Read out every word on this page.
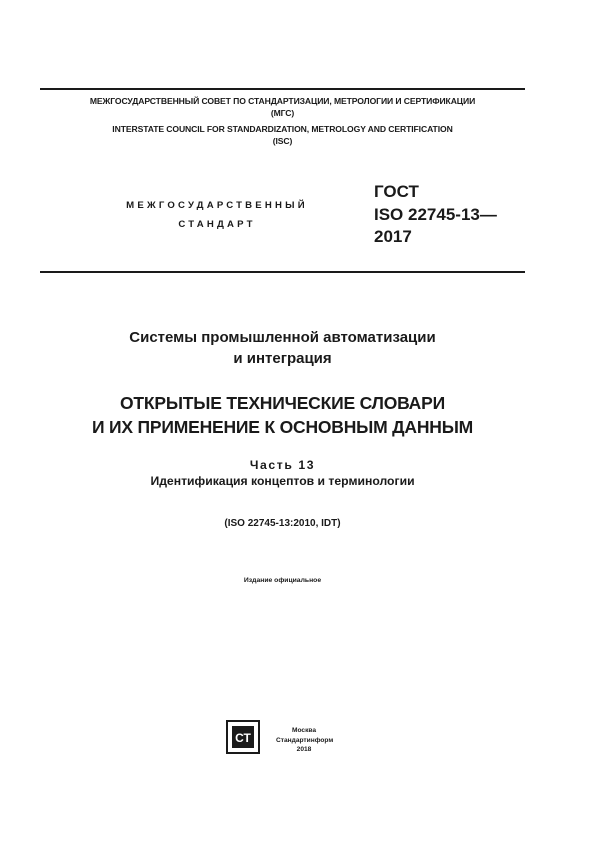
МЕЖГОСУДАРСТВЕННЫЙ СОВЕТ ПО СТАНДАРТИЗАЦИИ, МЕТРОЛОГИИ И СЕРТИФИКАЦИИ
(МГС)
INTERSTATE COUNCIL FOR STANDARDIZATION, METROLOGY AND CERTIFICATION
(ISC)
МЕЖГОСУДАРСТВЕННЫЙ
СТАНДАРТ
ГОСТ
ISO 22745-13—
2017
Системы промышленной автоматизации
и интеграция
ОТКРЫТЫЕ ТЕХНИЧЕСКИЕ СЛОВАРИ
И ИХ ПРИМЕНЕНИЕ К ОСНОВНЫМ ДАННЫМ
Часть 13
Идентификация концептов и терминологии
(ISO 22745-13:2010, IDT)
Издание официальное
СТ
Москва
Стандартинформ
2018
